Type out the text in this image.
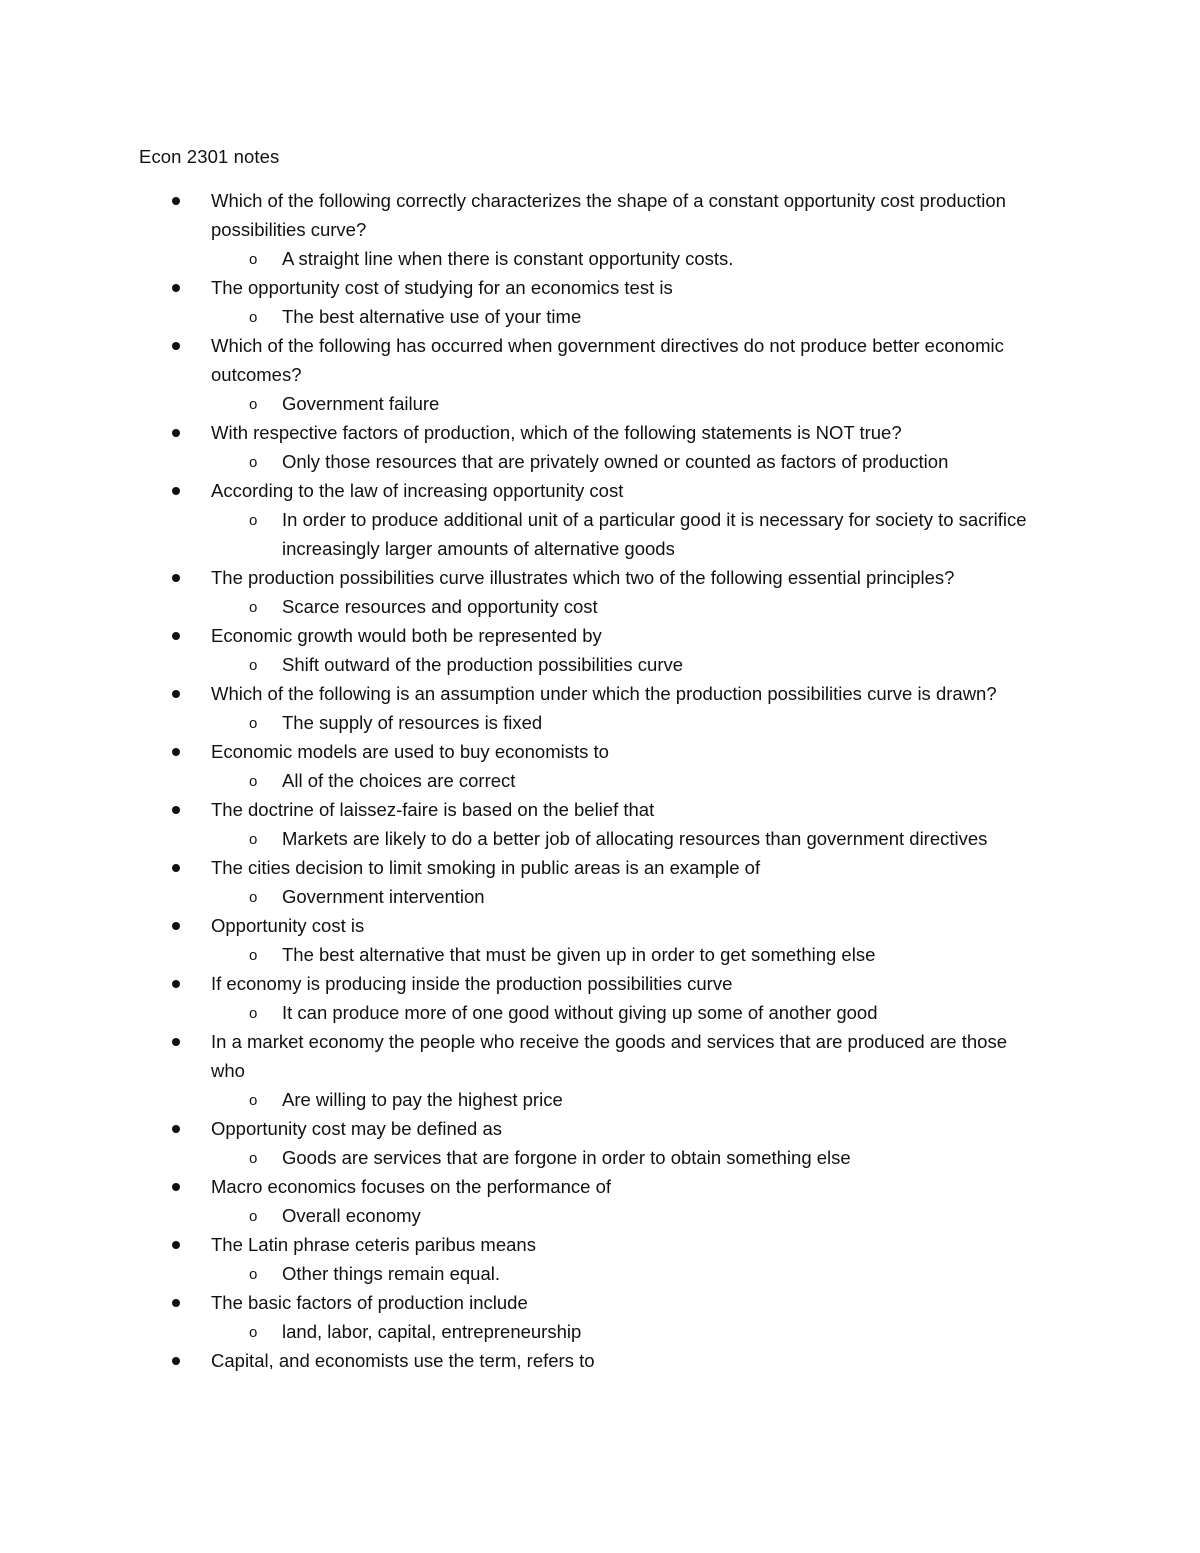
Econ 2301 notes
Which of the following correctly characterizes the shape of a constant opportunity cost production possibilities curve?
o A straight line when there is constant opportunity costs.
The opportunity cost of studying for an economics test is
o The best alternative use of your time
Which of the following has occurred when government directives do not produce better economic outcomes?
o Government failure
With respective factors of production, which of the following statements is NOT true?
o Only those resources that are privately owned or counted as factors of production
According to the law of increasing opportunity cost
o In order to produce additional unit of a particular good it is necessary for society to sacrifice increasingly larger amounts of alternative goods
The production possibilities curve illustrates which two of the following essential principles?
o Scarce resources and opportunity cost
Economic growth would both be represented by
o Shift outward of the production possibilities curve
Which of the following is an assumption under which the production possibilities curve is drawn?
o The supply of resources is fixed
Economic models are used to buy economists to
o All of the choices are correct
The doctrine of laissez-faire is based on the belief that
o Markets are likely to do a better job of allocating resources than government directives
The cities decision to limit smoking in public areas is an example of
o Government intervention
Opportunity cost is
o The best alternative that must be given up in order to get something else
If economy is producing inside the production possibilities curve
o It can produce more of one good without giving up some of another good
In a market economy the people who receive the goods and services that are produced are those who
o Are willing to pay the highest price
Opportunity cost may be defined as
o Goods are services that are forgone in order to obtain something else
Macro economics focuses on the performance of
o Overall economy
The Latin phrase ceteris paribus means
o Other things remain equal.
The basic factors of production include
o land, labor, capital, entrepreneurship
Capital, and economists use the term, refers to
